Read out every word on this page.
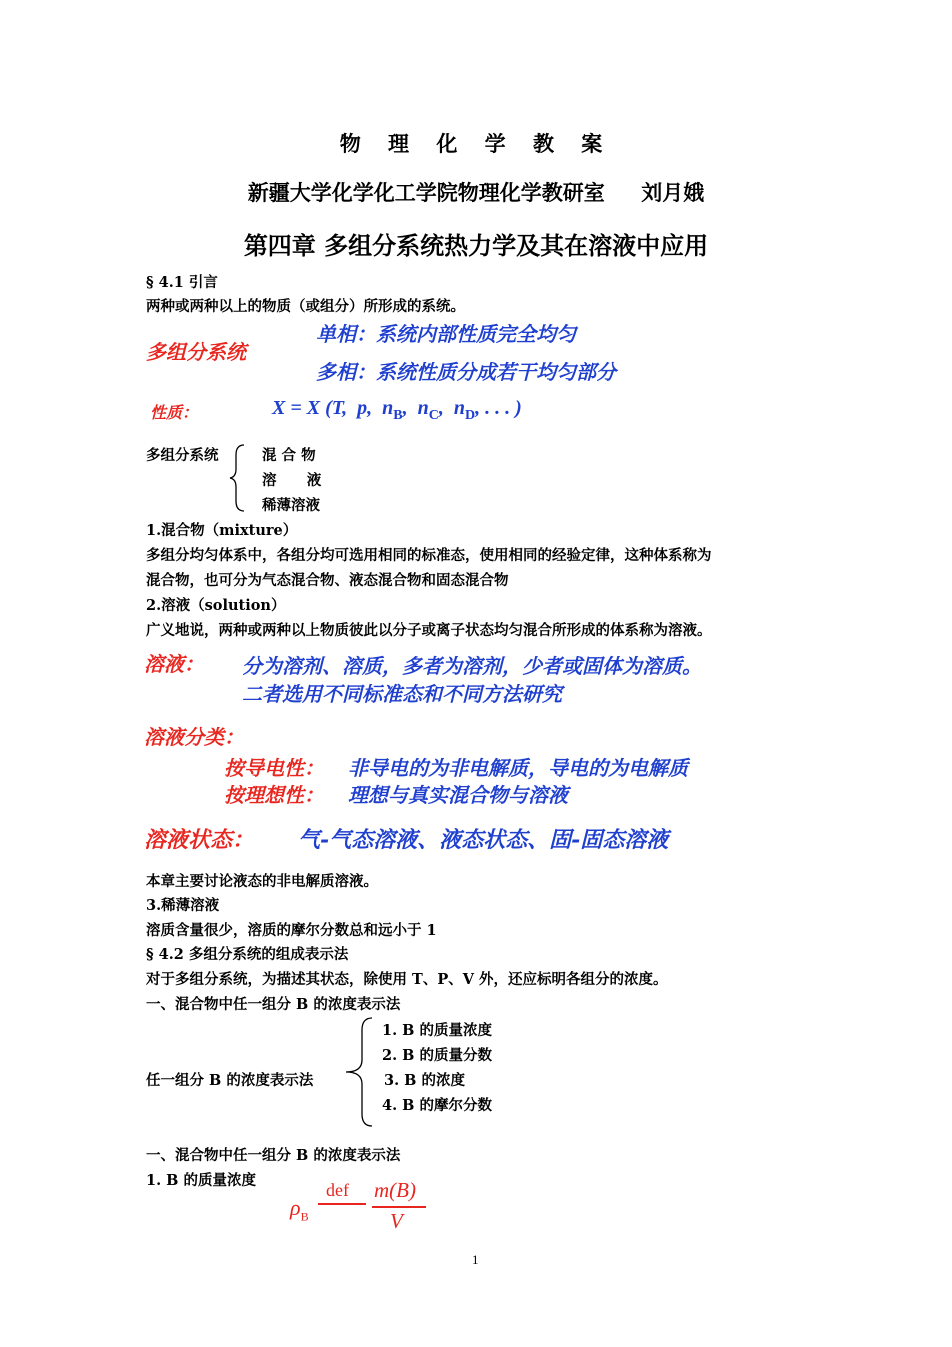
物 理 化 学 教 案
新疆大学化学化工学院物理化学教研室     刘月娥
第四章 多组分系统热力学及其在溶液中应用
§ 4.1 引言
两种或两种以上的物质（或组分）所形成的系统。
多组分系统
单相：系统内部性质完全均匀
多相：系统性质分成若干均匀部分
性质：	X = X (T,  p,  $n_B$,  $n_C$,  $n_D$, . . . )
多组分系统	混 合 物
溶      液
稀薄溶液
1.混合物（mixture）
多组分均匀体系中，各组分均可选用相同的标准态，使用相同的经验定律，这种体系称为
混合物，也可分为气态混合物、液态混合物和固态混合物
2.溶液（solution）
广义地说，两种或两种以上物质彼此以分子或离子状态均匀混合所形成的体系称为溶液。
溶液： 分为溶剂、溶质，多者为溶剂，少者或固体为溶质。
二者选用不同标准态和不同方法研究
溶液分类：
按导电性： 非导电的为非电解质，导电的为电解质
按理想性： 理想与真实混合物与溶液
溶液状态： 气-气态溶液、液态状态、固-固态溶液
本章主要讨论液态的非电解质溶液。
3.稀薄溶液
溶质含量很少，溶质的摩尔分数总和远小于 1
§ 4.2 多组分系统的组成表示法
对于多组分系统，为描述其状态，除使用 T、P、V 外，还应标明各组分的浓度。
一、混合物中任一组分 B 的浓度表示法
任一组分 B 的浓度表示法
1. B 的质量浓度
2. B 的质量分数
3. B 的浓度
4. B 的摩尔分数
一、混合物中任一组分 B 的浓度表示法
1. B 的质量浓度
$\rho_B$
def m(B)
V
1
